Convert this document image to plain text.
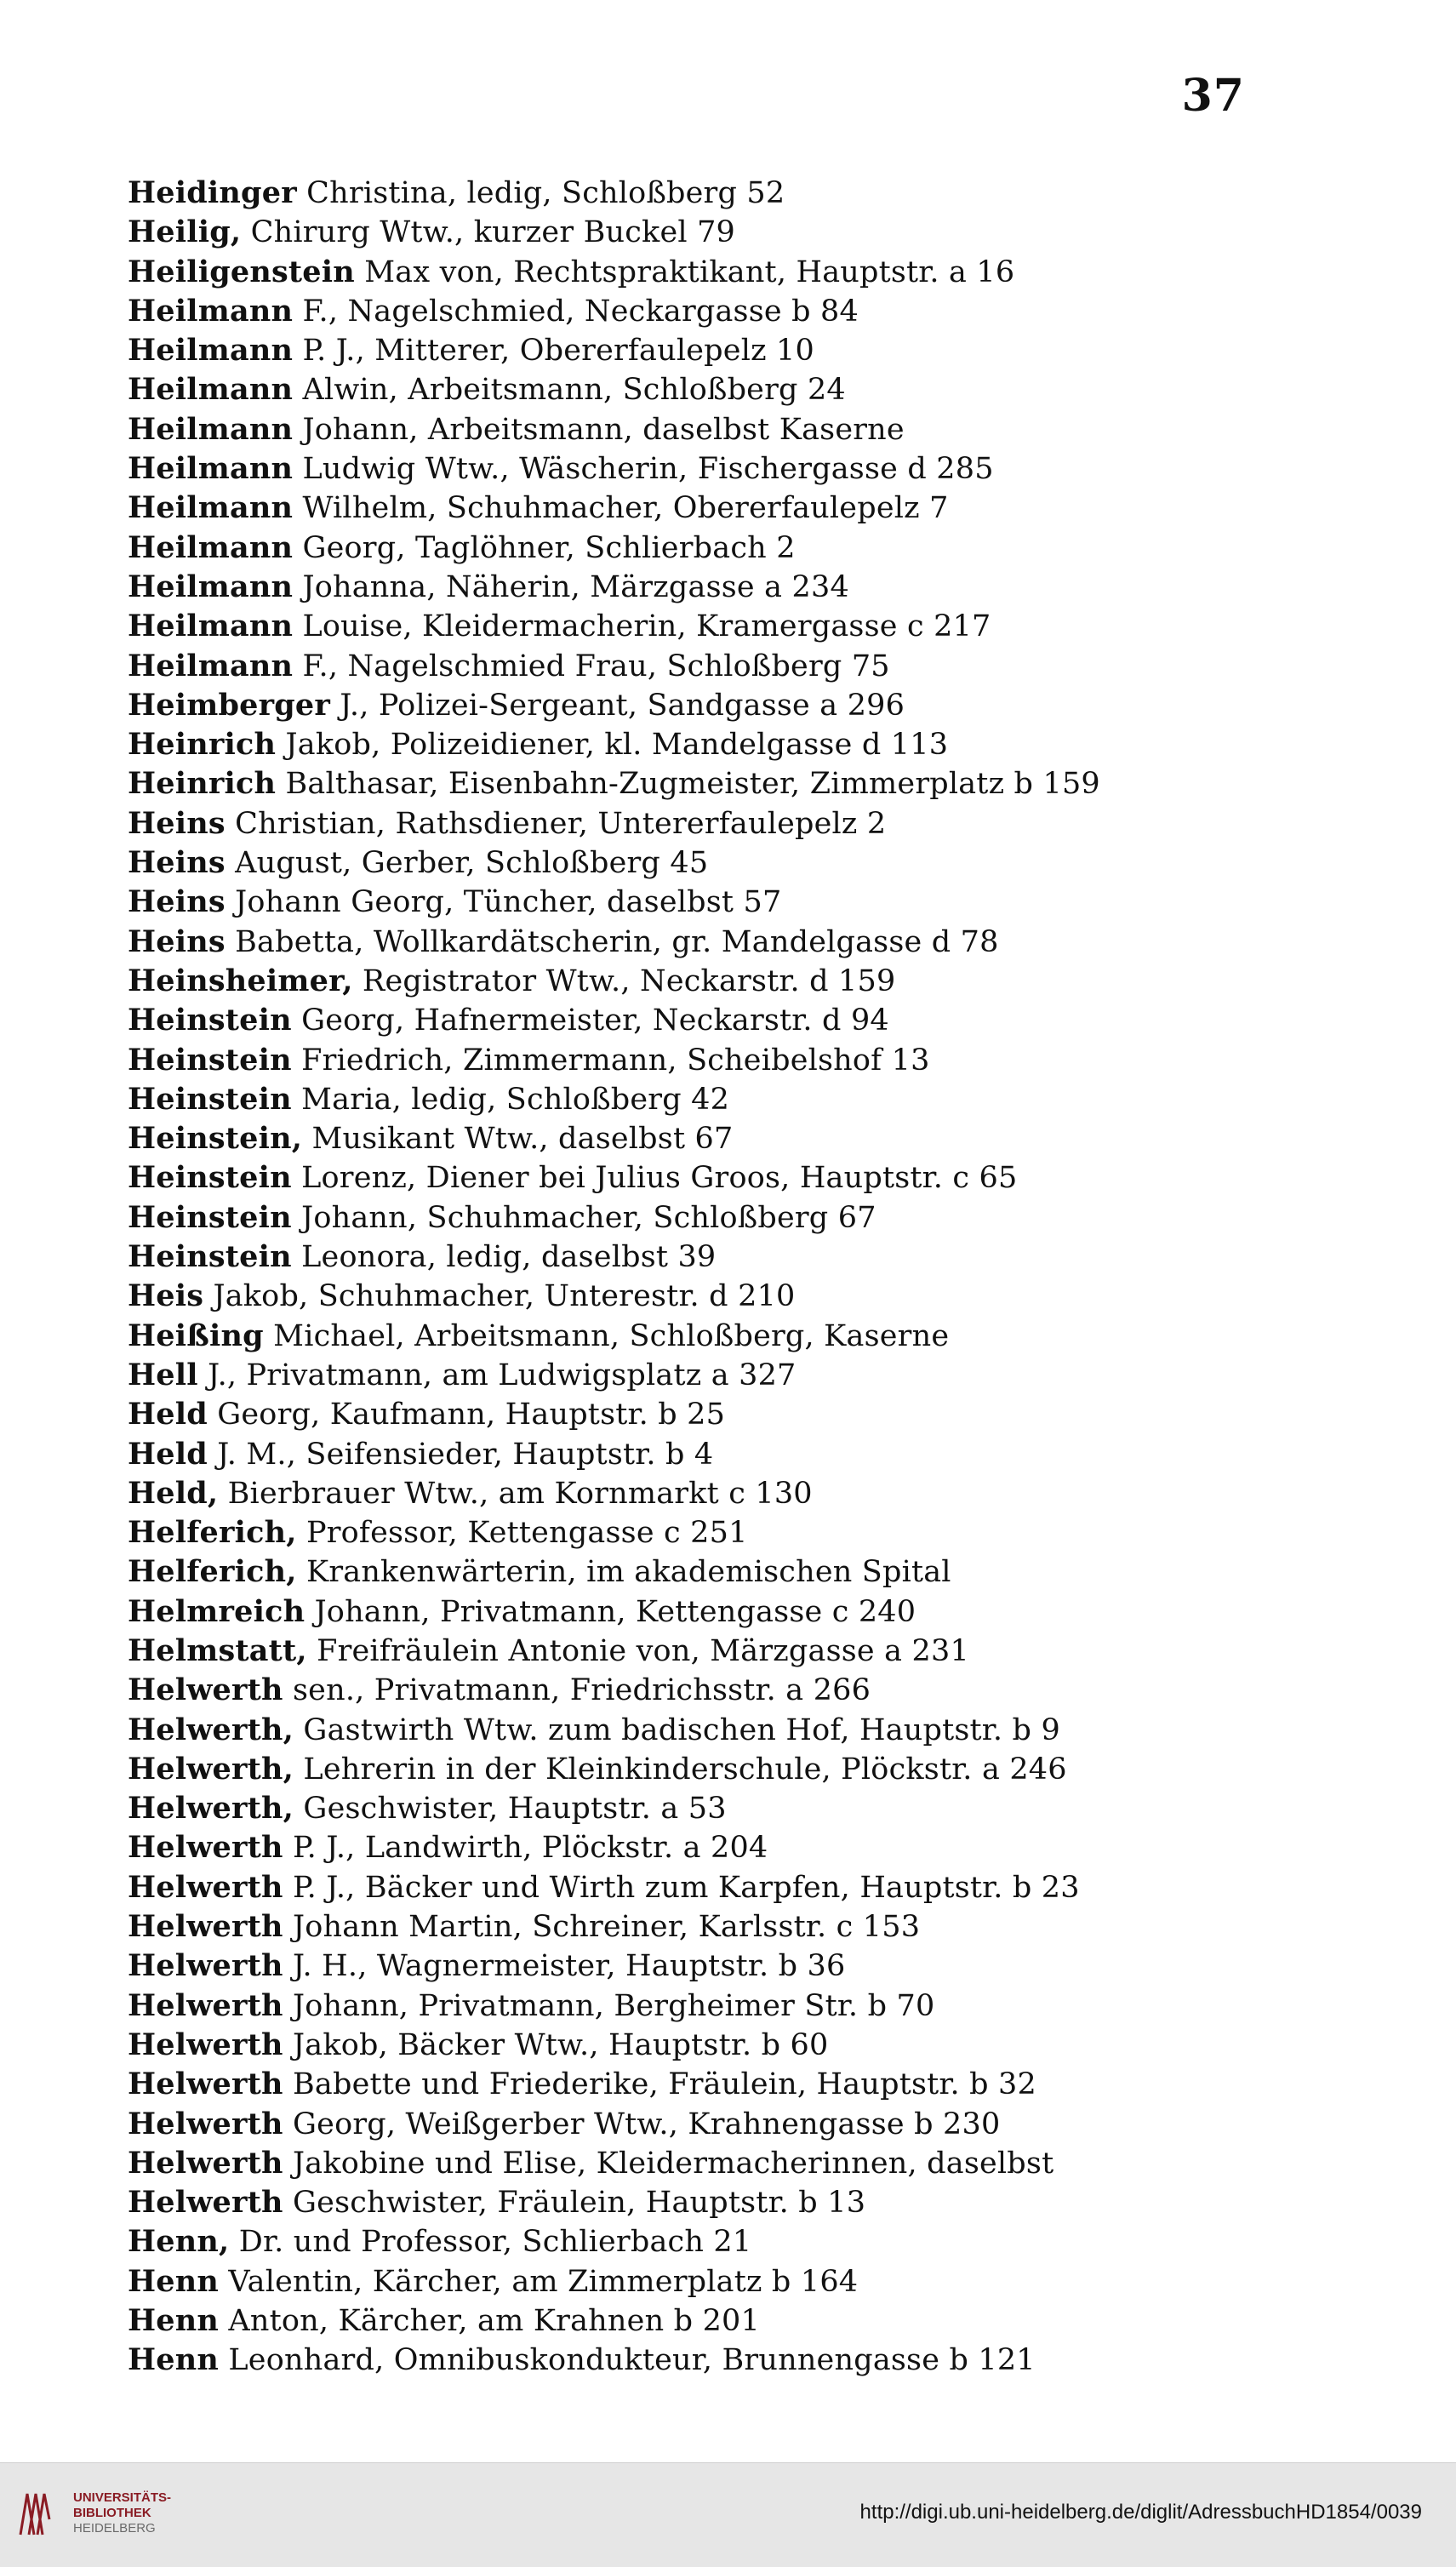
37
Heidinger Christina, ledig, Schloßberg 52
Heilig, Chirurg Wtw., kurzer Buckel 79
Heiligenstein Max von, Rechtspraktikant, Hauptstr. a 16
Heilmann F., Nagelschmied, Neckargasse b 84
Heilmann P. J., Mitterer, Obererfaulepelz 10
Heilmann Alwin, Arbeitsmann, Schloßberg 24
Heilmann Johann, Arbeitsmann, daselbst Kaserne
Heilmann Ludwig Wtw., Wäscherin, Fischergasse d 285
Heilmann Wilhelm, Schuhmacher, Obererfaulepelz 7
Heilmann Georg, Taglöhner, Schlierbach 2
Heilmann Johanna, Näherin, Märzgasse a 234
Heilmann Louise, Kleidermacherin, Kramergasse c 217
Heilmann F., Nagelschmied Frau, Schloßberg 75
Heimberger J., Polizei-Sergeant, Sandgasse a 296
Heinrich Jakob, Polizeidiener, kl. Mandelgasse d 113
Heinrich Balthasar, Eisenbahn-Zugmeister, Zimmerplatz b 159
Heins Christian, Rathsdiener, Untererfaulepelz 2
Heins August, Gerber, Schloßberg 45
Heins Johann Georg, Tüncher, daselbst 57
Heins Babetta, Wollkardätscherin, gr. Mandelgasse d 78
Heinsheimer, Registrator Wtw., Neckarstr. d 159
Heinstein Georg, Hafnermeister, Neckarstr. d 94
Heinstein Friedrich, Zimmermann, Scheibelshof 13
Heinstein Maria, ledig, Schloßberg 42
Heinstein, Musikant Wtw., daselbst 67
Heinstein Lorenz, Diener bei Julius Groos, Hauptstr. c 65
Heinstein Johann, Schuhmacher, Schloßberg 67
Heinstein Leonora, ledig, daselbst 39
Heis Jakob, Schuhmacher, Unterestr. d 210
Heißing Michael, Arbeitsmann, Schloßberg, Kaserne
Hell J., Privatmann, am Ludwigsplatz a 327
Held Georg, Kaufmann, Hauptstr. b 25
Held J. M., Seifensieder, Hauptstr. b 4
Held, Bierbrauer Wtw., am Kornmarkt c 130
Helferich, Professor, Kettengasse c 251
Helferich, Krankenwärterin, im akademischen Spital
Helmreich Johann, Privatmann, Kettengasse c 240
Helmstatt, Freifräulein Antonie von, Märzgasse a 231
Helwerth sen., Privatmann, Friedrichsstr. a 266
Helwerth, Gastwirth Wtw. zum badischen Hof, Hauptstr. b 9
Helwerth, Lehrerin in der Kleinkinderschule, Plöckstr. a 246
Helwerth, Geschwister, Hauptstr. a 53
Helwerth P. J., Landwirth, Plöckstr. a 204
Helwerth P. J., Bäcker und Wirth zum Karpfen, Hauptstr. b 23
Helwerth Johann Martin, Schreiner, Karlsstr. c 153
Helwerth J. H., Wagnermeister, Hauptstr. b 36
Helwerth Johann, Privatmann, Bergheimer Str. b 70
Helwerth Jakob, Bäcker Wtw., Hauptstr. b 60
Helwerth Babette und Friederike, Fräulein, Hauptstr. b 32
Helwerth Georg, Weißgerber Wtw., Krahnengasse b 230
Helwerth Jakobine und Elise, Kleidermacherinnen, daselbst
Helwerth Geschwister, Fräulein, Hauptstr. b 13
Henn, Dr. und Professor, Schlierbach 21
Henn Valentin, Kärcher, am Zimmerplatz b 164
Henn Anton, Kärcher, am Krahnen b 201
Henn Leonhard, Omnibuskondukteur, Brunnengasse b 121
UNIVERSITÄTS-
BIBLIOTHEK
HEIDELBERG
http://digi.ub.uni-heidelberg.de/diglit/AdressbuchHD1854/0039
